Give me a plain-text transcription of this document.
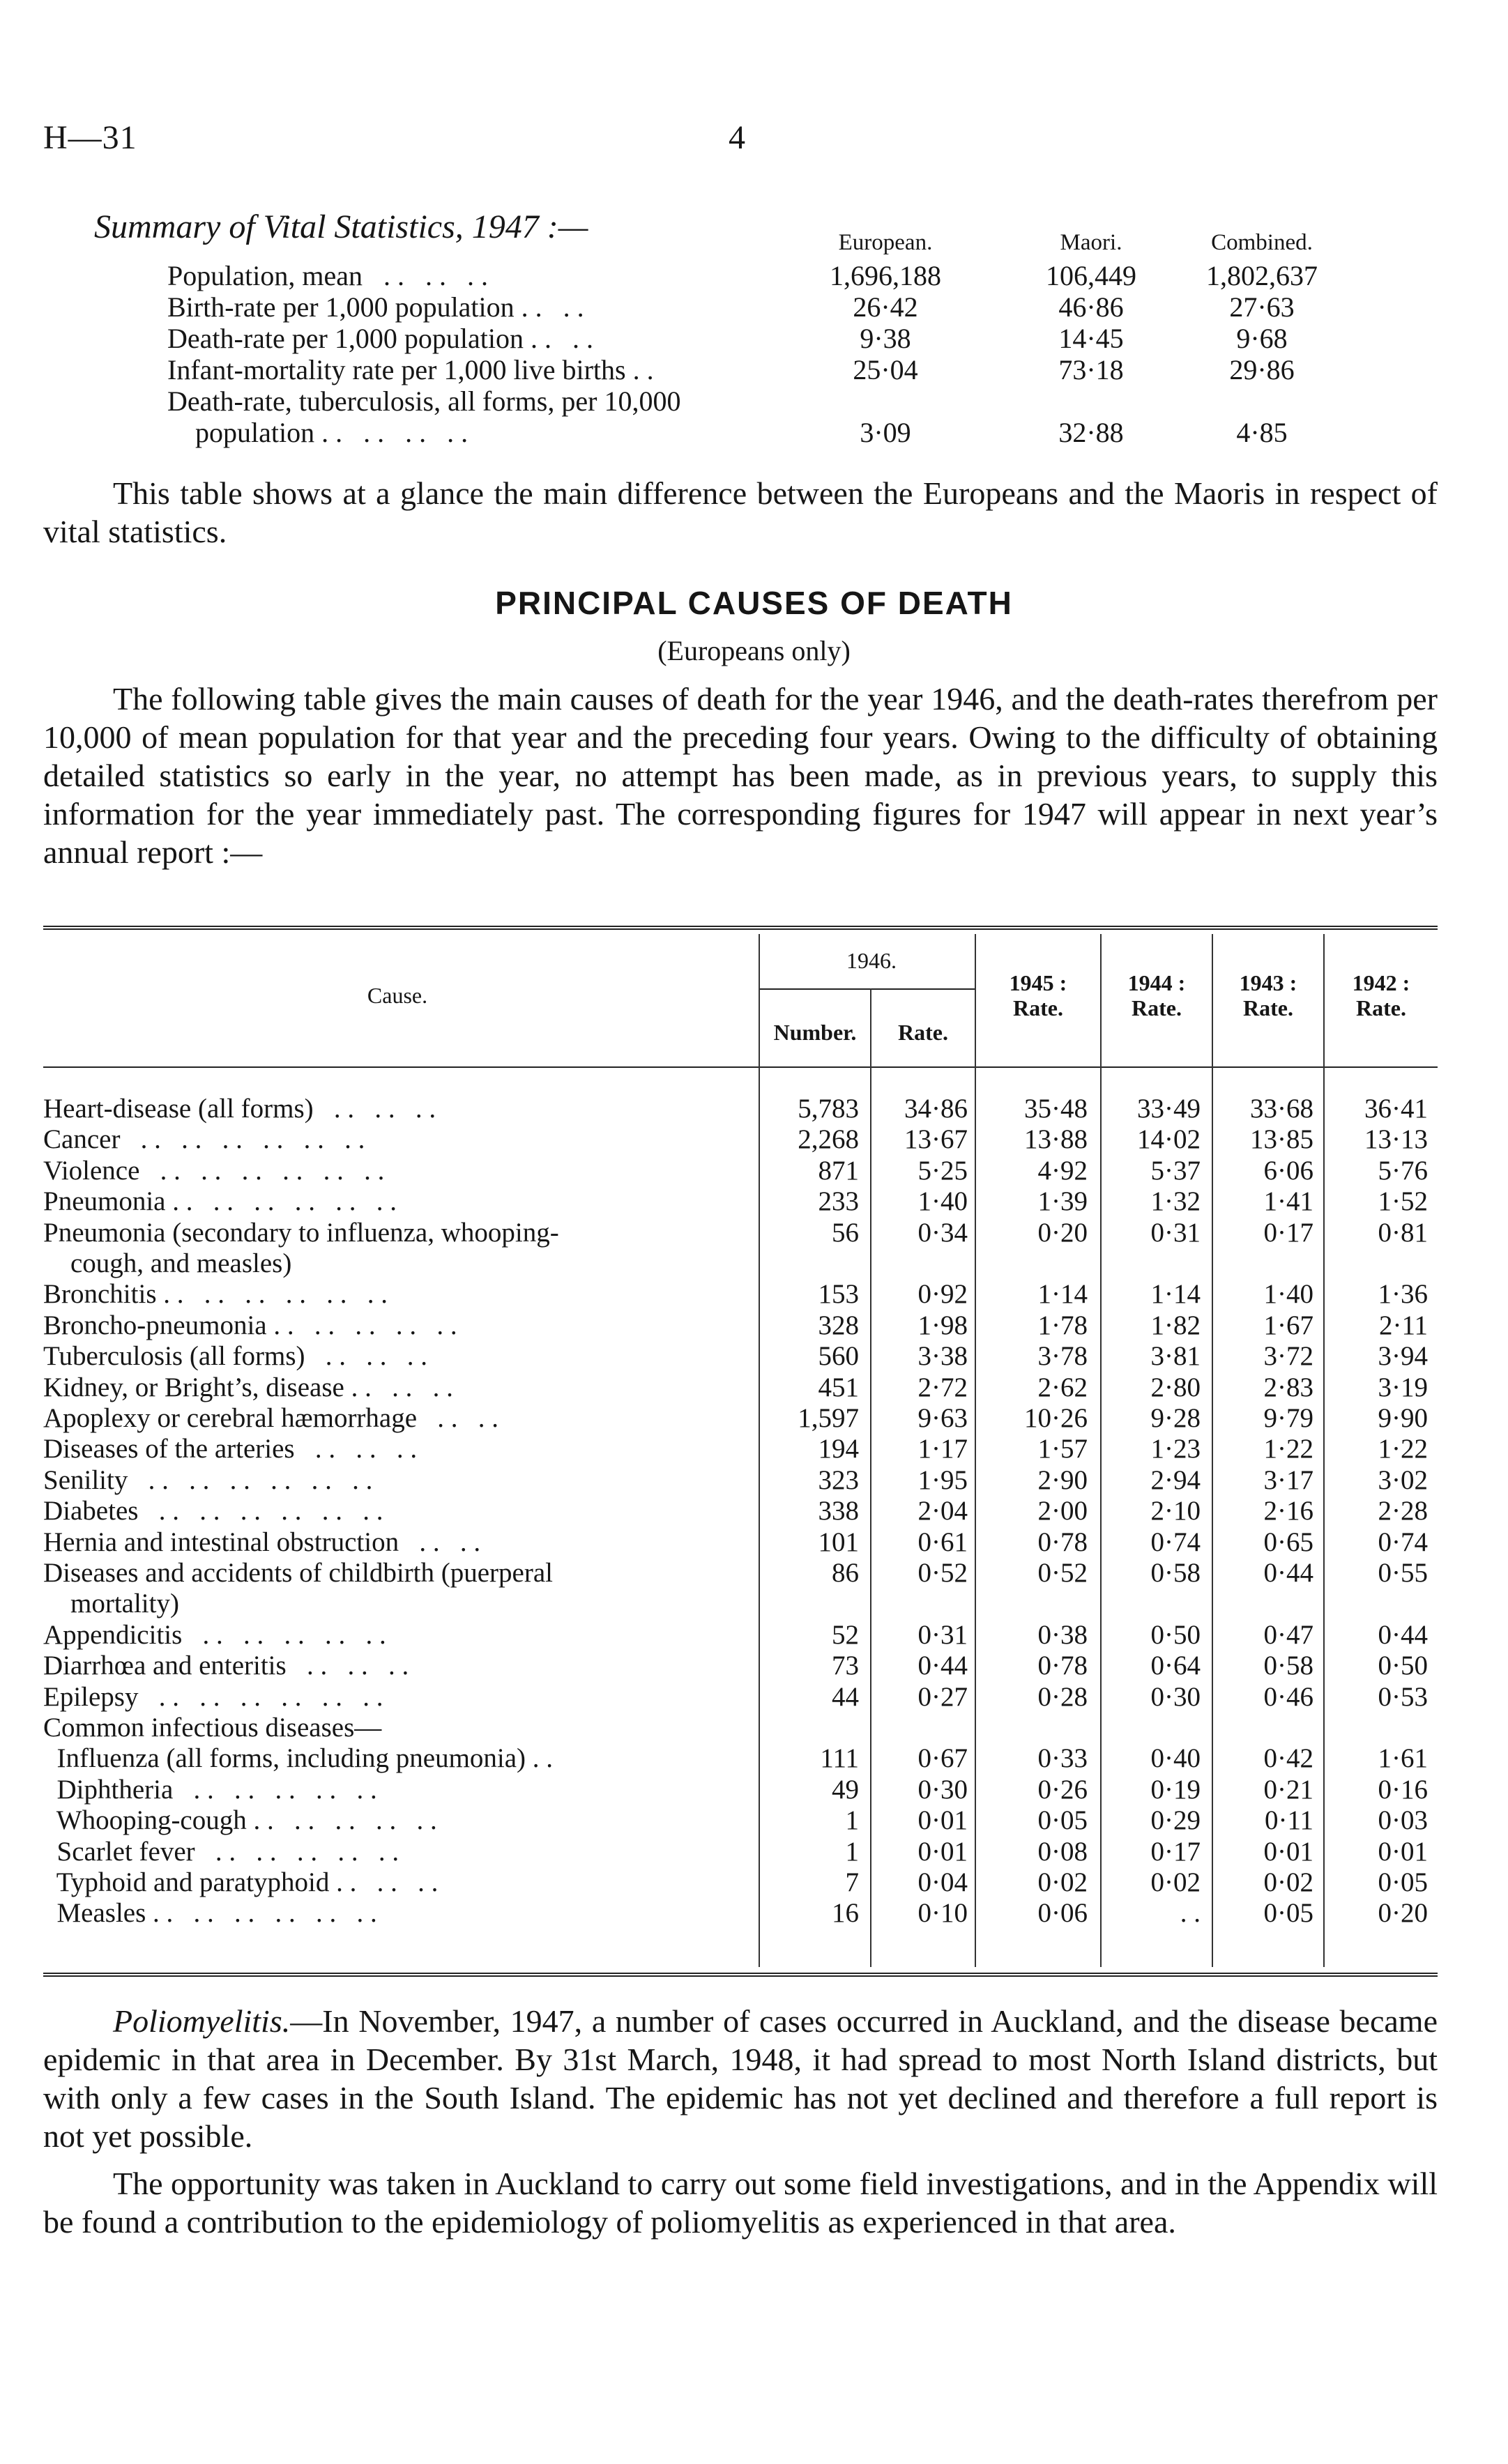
H—31	4
Summary of Vital Statistics, 1947 :—	European.	Maori.	Combined.
Population, mean   . .   . .   . .	1,696,188	106,449	1,802,637
Birth-rate per 1,000 population . .   . .	26·42	46·86	27·63
Death-rate per 1,000 population . .   . .	9·38	14·45	9·68
Infant-mortality rate per 1,000 live births . .	25·04	73·18	29·86
Death-rate, tuberculosis, all forms, per 10,000
population . .   . .   . .   . .	3·09	32·88	4·85

This table shows at a glance the main difference between the Europeans and the Maoris in respect of vital statistics.

PRINCIPAL CAUSES OF DEATH
(Europeans only)

The following table gives the main causes of death for the year 1946, and the death-rates therefrom per 10,000 of mean population for that year and the preceding four years. Owing to the difficulty of obtaining detailed statistics so early in the year, no attempt has been made, as in previous years, to supply this information for the year immediately past. The corresponding figures for 1947 will appear in next year’s annual report :—

Cause.
1946.
Number.	Rate.
1945 :
Rate.
1944 :
Rate.
1943 :
Rate.
1942 :
Rate.
Heart-disease (all forms)   . .   . .   . .	5,783 34·86 35·48 33·49 33·68 36·41
Cancer   . .   . .   . .   . .   . .   . .	2,268 13·67 13·88 14·02 13·85 13·13
Violence   . .   . .   . .   . .   . .   . .	871 5·25	4·92 5·37 6·06 5·76
Pneumonia . .   . .   . .   . .   . .   . .	233 1·40	1·39 1·32 1·41 1·52
Pneumonia (secondary to influenza, whooping-	56 0·34	0·20 0·31 0·17 0·81
cough, and measles)
Bronchitis . .   . .   . .   . .   . .   . .	153 0·92	1·14 1·14 1·40 1·36
Broncho-pneumonia . .   . .   . .   . .   . .	328 1·98	1·78 1·82 1·67 2·11
Tuberculosis (all forms)   . .   . .   . .	560 3·38	3·78 3·81 3·72 3·94
Kidney, or Bright’s, disease . .   . .   . .	451 2·72	2·62 2·80 2·83 3·19
Apoplexy or cerebral hæmorrhage   . .   . .	1,597 9·63 10·26 9·28 9·79 9·90
Diseases of the arteries   . .   . .   . .	194 1·17	1·57 1·23 1·22 1·22
Senility   . .   . .   . .   . .   . .   . .	323 1·95	2·90 2·94 3·17 3·02
Diabetes   . .   . .   . .   . .   . .   . .	338 2·04	2·00 2·10 2·16 2·28
Hernia and intestinal obstruction   . .   . .	101 0·61	0·78 0·74 0·65 0·74
Diseases and accidents of childbirth (puerperal	86 0·52	0·52 0·58 0·44 0·55
mortality)
Appendicitis   . .   . .   . .   . .   . .	52 0·31	0·38 0·50 0·47 0·44
Diarrhœa and enteritis   . .   . .   . .	73 0·44	0·78 0·64 0·58 0·50
Epilepsy   . .   . .   . .   . .   . .   . .	44 0·27	0·28 0·30 0·46 0·53
Common infectious diseases—
Influenza (all forms, including pneumonia) . .	111 0·67	0·33 0·40 0·42 1·61
Diphtheria   . .   . .   . .   . .   . .	49 0·30	0·26 0·19 0·21 0·16
Whooping-cough . .   . .   . .   . .   . .	1 0·01	0·05 0·29 0·11 0·03
Scarlet fever   . .   . .   . .   . .   . .	1 0·01	0·08 0·17 0·01 0·01
Typhoid and paratyphoid . .   . .   . .	7 0·04	0·02 0·02 0·02 0·05
Measles . .   . .   . .   . .   . .   . .	16 0·10	0·06	. . 0·05 0·20

Poliomyelitis.—In November, 1947, a number of cases occurred in Auckland, and the disease became epidemic in that area in December. By 31st March, 1948, it had spread to most North Island districts, but with only a few cases in the South Island. The epidemic has not yet declined and therefore a full report is not yet possible.

The opportunity was taken in Auckland to carry out some field investigations, and in the Appendix will be found a contribution to the epidemiology of poliomyelitis as experienced in that area.
